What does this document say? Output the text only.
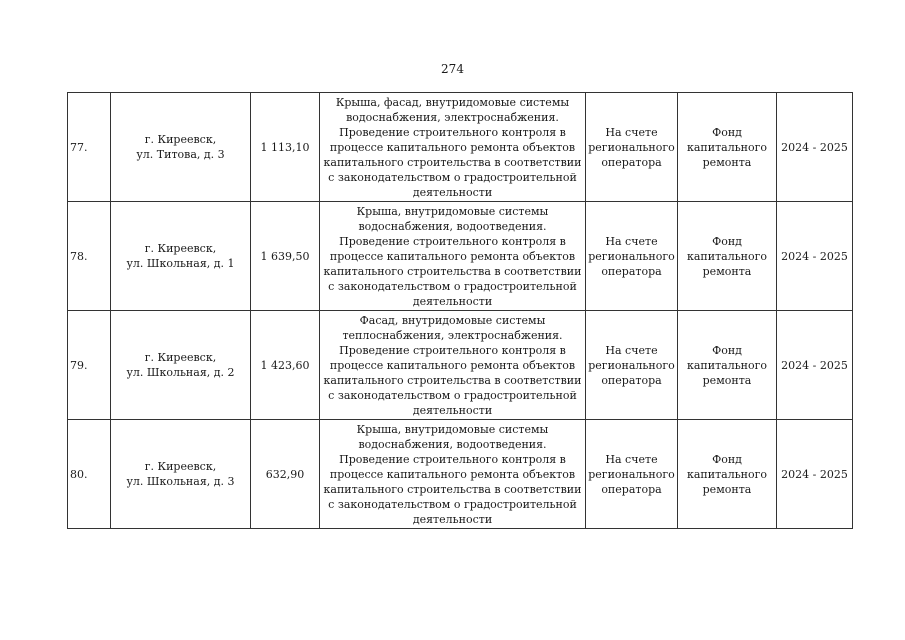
274
77.	г. Киреевск,
ул. Титова, д. 3	1 113,10	Крыша, фасад, внутридомовые системы водоснабжения, электроснабжения. Проведение строительного контроля в процессе капитального ремонта объектов капитального строительства в соответствии с законодательством о градостроительной деятельности	На счете регионального оператора	Фонд капитального ремонта	2024 - 2025
78.	г. Киреевск,
ул. Школьная, д. 1	1 639,50	Крыша, внутридомовые системы водоснабжения, водоотведения. Проведение строительного контроля в процессе капитального ремонта объектов капитального строительства в соответствии с законодательством о градостроительной деятельности	На счете регионального оператора	Фонд капитального ремонта	2024 - 2025
79.	г. Киреевск,
ул. Школьная, д. 2	1 423,60	Фасад, внутридомовые системы теплоснабжения, электроснабжения. Проведение строительного контроля в процессе капитального ремонта объектов капитального строительства в соответствии с законодательством о градостроительной деятельности	На счете регионального оператора	Фонд капитального ремонта	2024 - 2025
80.	г. Киреевск,
ул. Школьная, д. 3	632,90	Крыша, внутридомовые системы водоснабжения, водоотведения. Проведение строительного контроля в процессе капитального ремонта объектов капитального строительства в соответствии с законодательством о градостроительной деятельности	На счете регионального оператора	Фонд капитального ремонта	2024 - 2025
